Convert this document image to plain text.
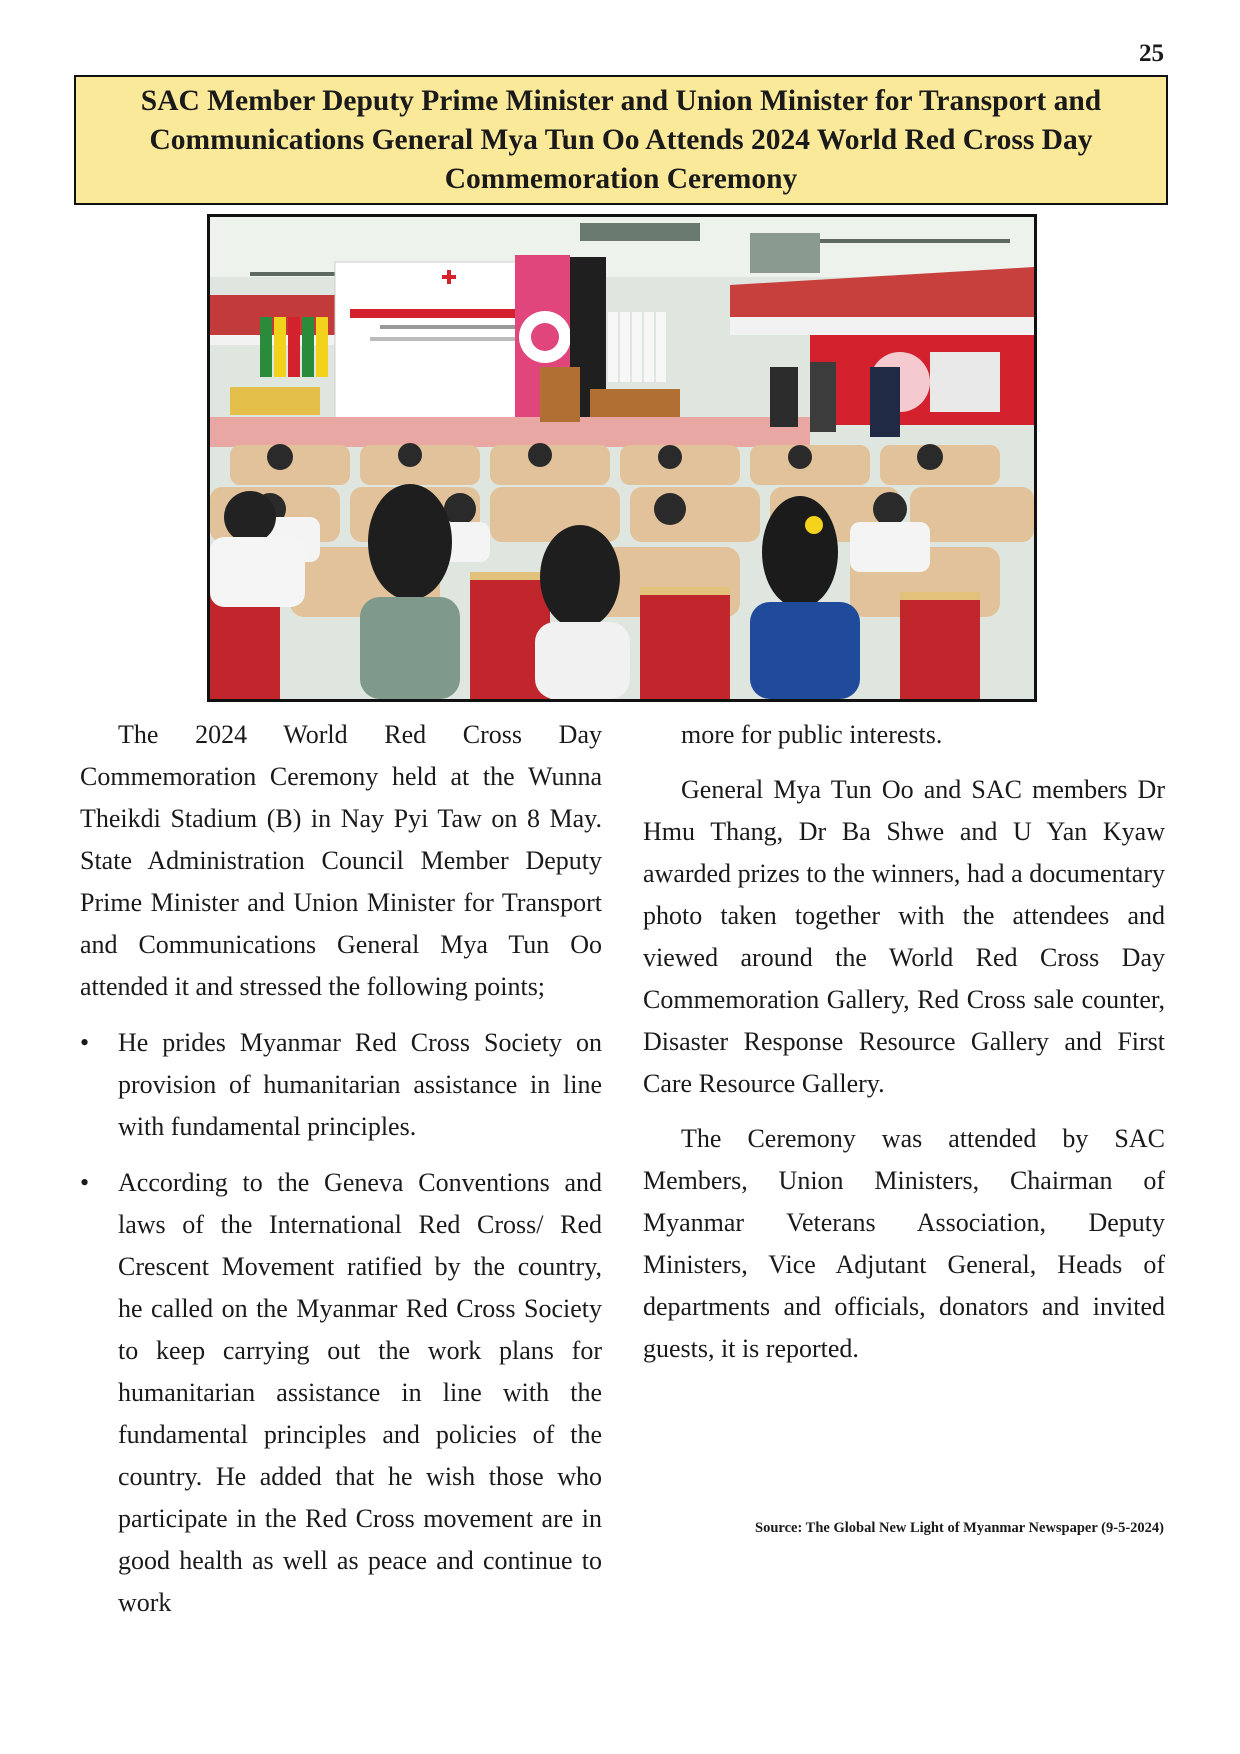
25
SAC Member Deputy Prime Minister and Union Minister for Transport and Communications General Mya Tun Oo Attends 2024 World Red Cross Day Commemoration Ceremony

The 2024 World Red Cross Day Commemoration Ceremony held at the Wunna Theikdi Stadium (B) in Nay Pyi Taw on 8 May. State Administration Council Member Deputy Prime Minister and Union Minister for Transport and Communications General Mya Tun Oo attended it and stressed the following points;

• He prides Myanmar Red Cross Society on provision of humanitarian assistance in line with fundamental principles.
• According to the Geneva Conventions and laws of the International Red Cross/ Red Crescent Movement ratified by the country, he called on the Myanmar Red Cross Society to keep carrying out the work plans for humanitarian assistance in line with the fundamental principles and policies of the country. He added that he wish those who participate in the Red Cross movement are in good health as well as peace and continue to work

more for public interests.

General Mya Tun Oo and SAC members Dr Hmu Thang, Dr Ba Shwe and U Yan Kyaw awarded prizes to the winners, had a documentary photo taken together with the attendees and viewed around the World Red Cross Day Commemoration Gallery, Red Cross sale counter, Disaster Response Resource Gallery and First Care Resource Gallery.

The Ceremony was attended by SAC Members, Union Ministers, Chairman of Myanmar Veterans Association, Deputy Ministers, Vice Adjutant General, Heads of departments and officials, donators and invited guests, it is reported.

Source: The Global New Light of Myanmar Newspaper (9-5-2024)
